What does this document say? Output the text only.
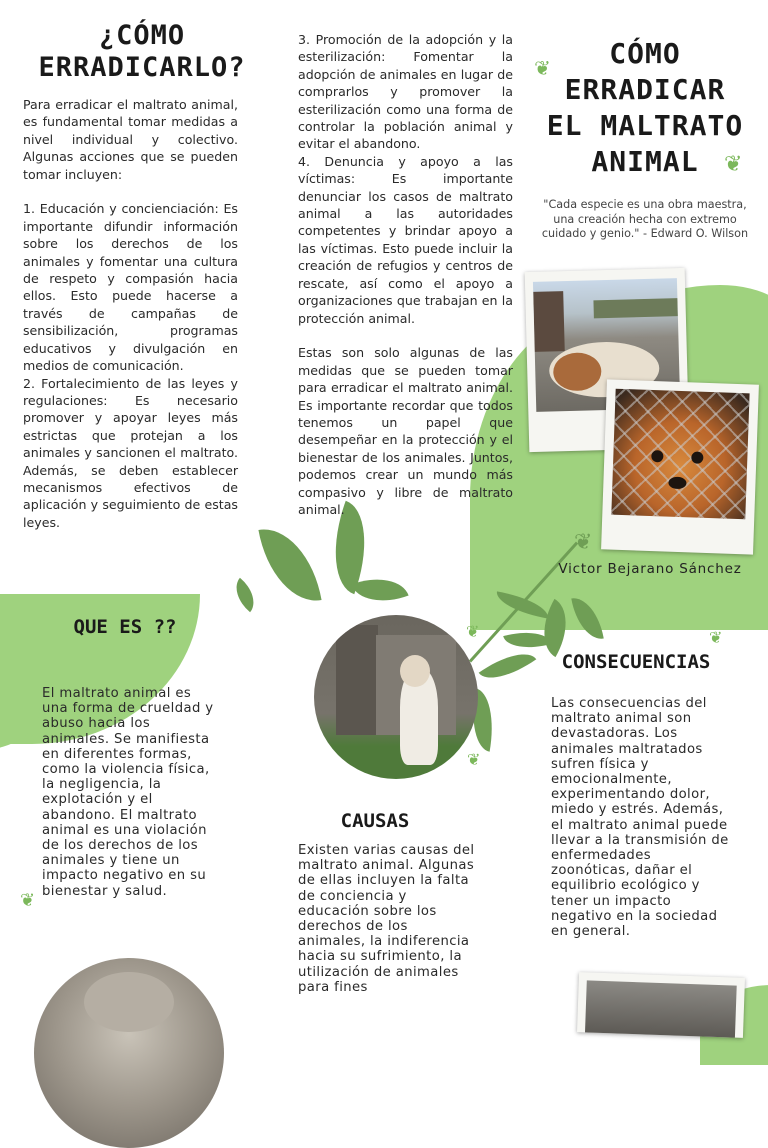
❦
❦
❦
❦	❦
❦
❦
¿CÓMO
ERRADICARLO?
Para erradicar el maltrato animal, es fundamental tomar medidas a nivel individual y colectivo. Algunas acciones que se pueden tomar incluyen:

1. Educación y concienciación: Es importante difundir información sobre los derechos de los animales y fomentar una cultura de respeto y compasión hacia ellos. Esto puede hacerse a través de campañas de sensibilización, programas educativos y divulgación en medios de comunicación.
2. Fortalecimiento de las leyes y regulaciones: Es necesario promover y apoyar leyes más estrictas que protejan a los animales y sancionen el maltrato. Además, se deben establecer mecanismos efectivos de aplicación y seguimiento de estas leyes.
3. Promoción de la adopción y la esterilización: Fomentar la adopción de animales en lugar de comprarlos y promover la esterilización como una forma de controlar la población animal y evitar el abandono.
4. Denuncia y apoyo a las víctimas: Es importante denunciar los casos de maltrato animal a las autoridades competentes y brindar apoyo a las víctimas. Esto puede incluir la creación de refugios y centros de rescate, así como el apoyo a organizaciones que trabajan en la protección animal.

Estas son solo algunas de las medidas que se pueden tomar para erradicar el maltrato animal. Es importante recordar que todos tenemos un papel que desempeñar en la protección y el bienestar de los animales. Juntos, podemos crear un mundo más compasivo y libre de maltrato animal.
CÓMO
ERRADICAR
EL MALTRATO
ANIMAL
"Cada especie es una obra maestra, una creación hecha con extremo cuidado y genio." - Edward O. Wilson
Victor Bejarano Sánchez
QUE ES ??
El maltrato animal es una forma de crueldad y abuso hacia los animales. Se manifiesta en diferentes formas, como la violencia física, la negligencia, la explotación y el abandono. El maltrato animal es una violación de los derechos de los animales y tiene un impacto negativo en su bienestar y salud.
CAUSAS
Existen varias causas del maltrato animal. Algunas de ellas incluyen la falta de conciencia y educación sobre los derechos de los animales, la indiferencia hacia su sufrimiento, la utilización de animales para fines
CONSECUENCIAS
Las consecuencias del maltrato animal son devastadoras. Los animales maltratados sufren física y emocionalmente, experimentando dolor, miedo y estrés. Además, el maltrato animal puede llevar a la transmisión de enfermedades zoonóticas, dañar el equilibrio ecológico y tener un impacto negativo en la sociedad en general.
